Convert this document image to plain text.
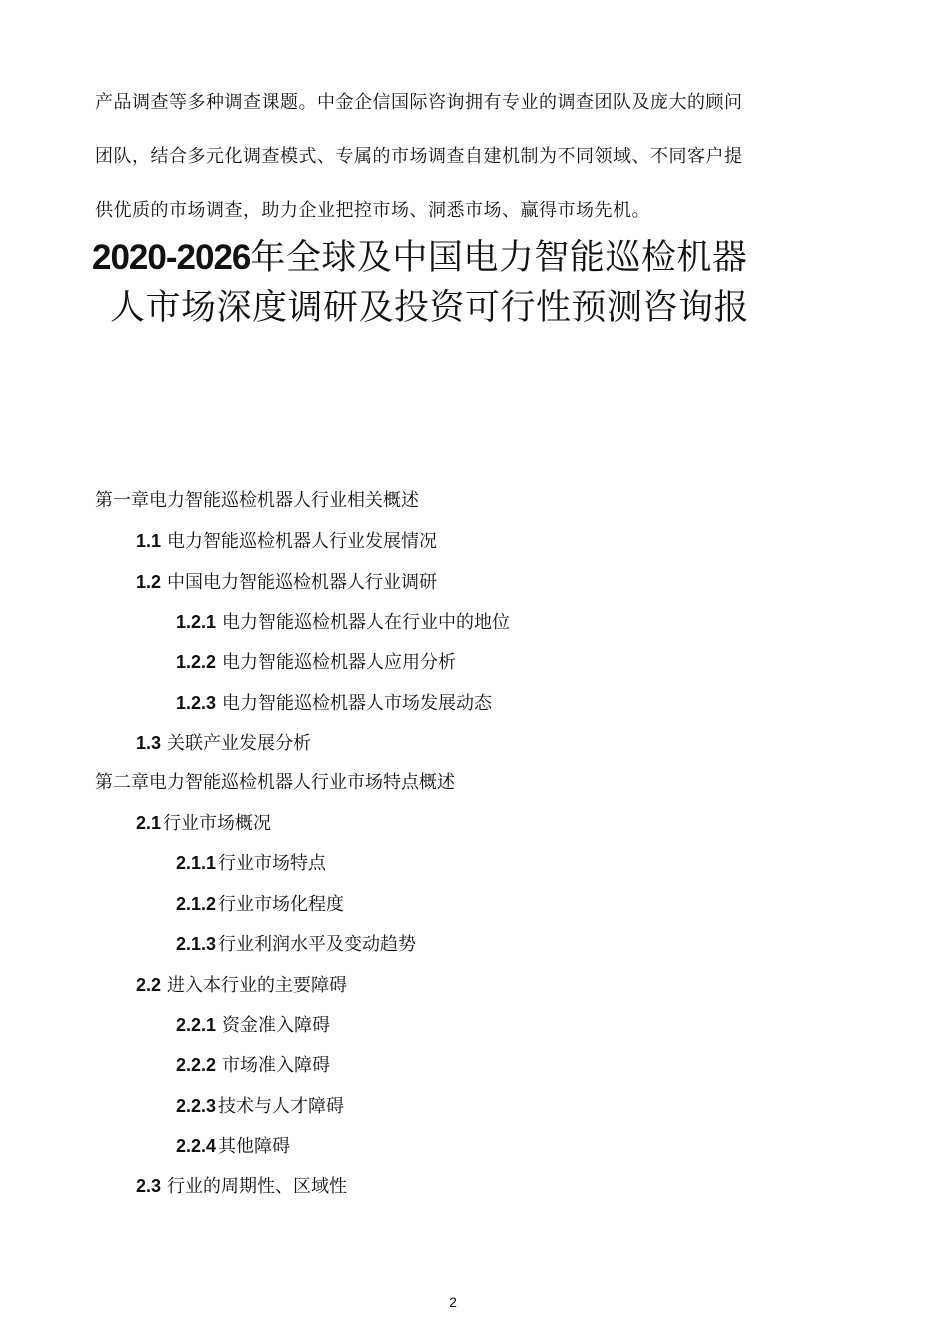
产品调查等多种调查课题。中金企信国际咨询拥有专业的调查团队及庞大的顾问
团队，结合多元化调查模式、专属的市场调查自建机制为不同领域、不同客户提
供优质的市场调查，助力企业把控市场、洞悉市场、赢得市场先机。
2020-2026年全球及中国电力智能巡检机器
人市场深度调研及投资可行性预测咨询报
第一章电力智能巡检机器人行业相关概述
1.1 电力智能巡检机器人行业发展情况
1.2 中国电力智能巡检机器人行业调研
1.2.1 电力智能巡检机器人在行业中的地位
1.2.2 电力智能巡检机器人应用分析
1.2.3 电力智能巡检机器人市场发展动态
1.3 关联产业发展分析
第二章电力智能巡检机器人行业市场特点概述
2.1 行业市场概况
2.1.1 行业市场特点
2.1.2 行业市场化程度
2.1.3 行业利润水平及变动趋势
2.2 进入本行业的主要障碍
2.2.1 资金准入障碍
2.2.2 市场准入障碍
2.2.3 技术与人才障碍
2.2.4 其他障碍
2.3 行业的周期性、区域性
2
